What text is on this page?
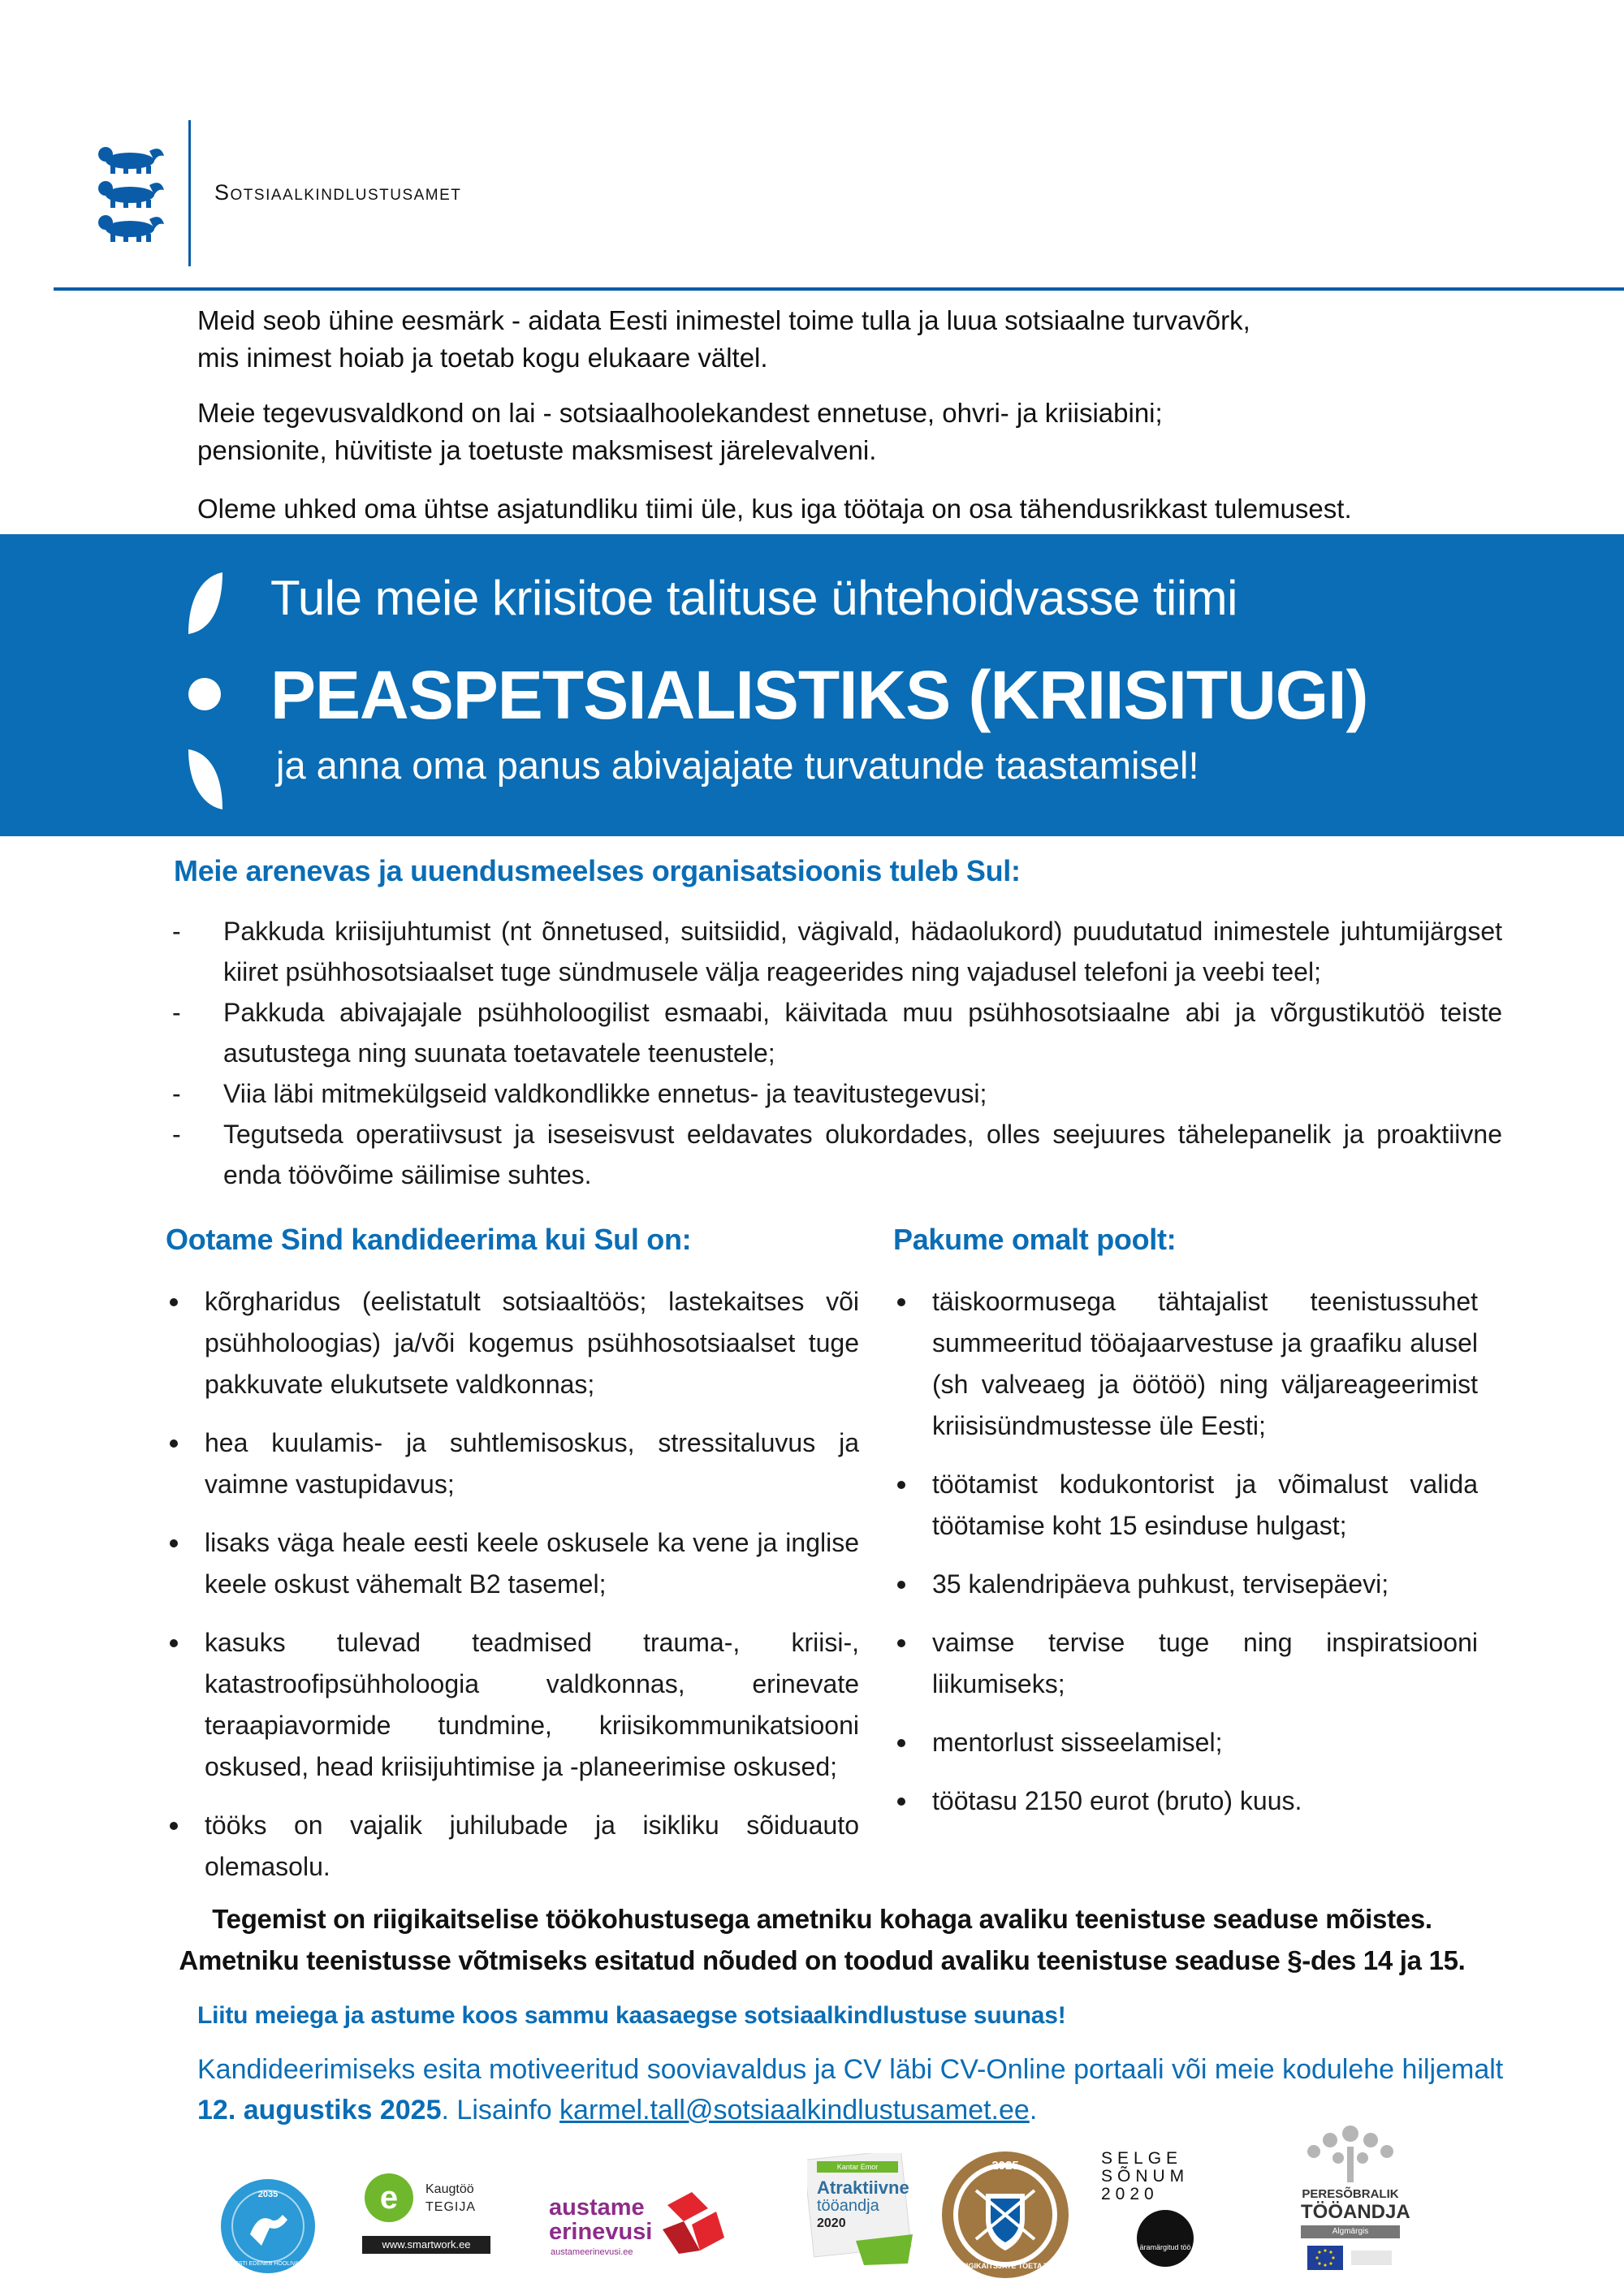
Sotsiaalkindlustusamet

Meid seob ühine eesmärk - aidata Eesti inimestel toime tulla ja luua sotsiaalne turvavõrk,

mis inimest hoiab ja toetab kogu elukaare vältel.

Meie tegevusvaldkond on lai - sotsiaalhoolekandest ennetuse, ohvri- ja kriisiabini;

pensionite, hüvitiste ja toetuste maksmisest järelevalveni.

Oleme uhked oma ühtse asjatundliku tiimi üle, kus iga töötaja on osa tähendusrikkast tulemusest.

Tule meie kriisitoe talituse ühtehoidvasse tiimi
PEASPETSIALISTIKS (KRIISITUGI)
ja anna oma panus abivajajate turvatunde taastamisel!
Meie arenevas ja uuendusmeelses organisatsioonis tuleb Sul:
- Pakkuda kriisijuhtumist (nt õnnetused, suitsiidid, vägivald, hädaolukord) puudutatud inimestele juhtumijärgset kiiret psühhosotsiaalset tuge sündmusele välja reageerides ning vajadusel telefoni ja veebi teel;
- Pakkuda abivajajale psühholoogilist esmaabi, käivitada muu psühhosotsiaalne abi ja võrgustikutöö teiste asutustega ning suunata toetavatele teenustele;
- Viia läbi mitmekülgseid valdkondlikke ennetus- ja teavitustegevusi;
- Tegutseda operatiivsust ja iseseisvust eeldavates olukordades, olles seejuures tähelepanelik ja proaktiivne enda töövõime säilimise suhtes.
Ootame Sind kandideerima kui Sul on:
kõrgharidus (eelistatult sotsiaaltöös; lastekaitses või psühholoogias) ja/või kogemus psühhosotsiaalset tuge pakkuvate elukutsete valdkonnas;
hea kuulamis- ja suhtlemisoskus, stressitaluvus ja vaimne vastupidavus;
lisaks väga heale eesti keele oskusele ka vene ja inglise keele oskust vähemalt B2 tasemel;
kasuks tulevad teadmised trauma-, kriisi-, katastroofipsühholoogia valdkonnas, erinevate teraapiavormide tundmine, kriisikommunikatsiooni oskused, head kriisijuhtimise ja -planeerimise oskused;
tööks on vajalik juhilubade ja isikliku sõiduauto olemasolu.
Pakume omalt poolt:
täiskoormusega tähtajalist teenistussuhet summeeritud tööajaarvestuse ja graafiku alusel (sh valveaeg ja öötöö) ning väljareageerimist kriisisündmustesse üle Eesti;
töötamist kodukontorist ja võimalust valida töötamise koht 15 esinduse hulgast;
35 kalendripäeva puhkust, tervisepäevi;
vaimse tervise tuge ning inspiratsiooni liikumiseks;
mentorlust sisseelamisel;
töötasu 2150 eurot (bruto) kuus.
Tegemist on riigikaitselise töökohustusega ametniku kohaga avaliku teenistuse seaduse mõistes. Ametniku teenistusse võtmiseks esitatud nõuded on toodud avaliku teenistuse seaduse §-des 14 ja 15.
Liitu meiega ja astume koos sammu kaasaegse sotsiaalkindlustuse suunas!
Kandideerimiseks esita motiveeritud sooviavaldus ja CV läbi CV-Online portaali või meie kodulehe hiljemalt 12. augustiks 2025. Lisainfo karmel.tall@sotsiaalkindlustusamet.ee.
2035
EESTI EDENEB HOOLIVALT
e Kaugtöö
TEGIJA
www.smartwork.ee
austame
erinevusi
austameerinevusi.ee
Kantar Emor
Atraktiivne
tööandja
2020
2025
RIIGIKAITSJATE TOETAJA
SELGE
SÕNUM
2020
äramärgitud töö
PERESÕBRALIK
TÖÖANDJA
Algmärgis
